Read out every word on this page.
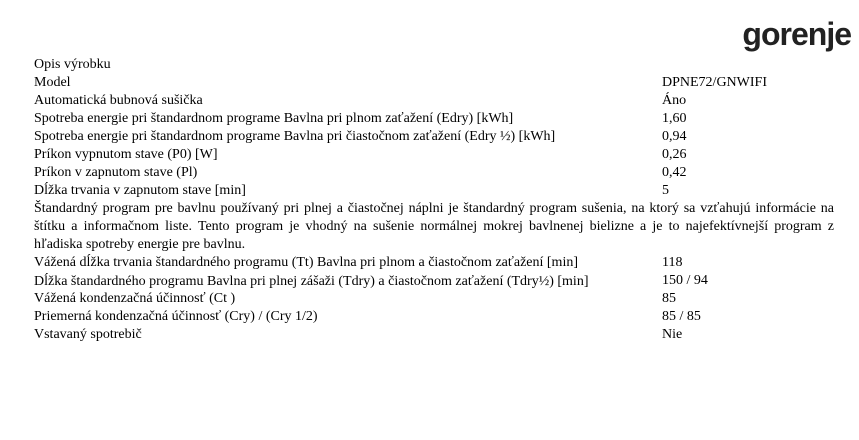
gorenje
Opis výrobku
Model	DPNE72/GNWIFI
Automatická bubnová sušička	Áno
Spotreba energie pri štandardnom programe Bavlna pri plnom zaťažení (Edry) [kWh]	1,60
Spotreba energie pri štandardnom programe Bavlna pri čiastočnom zaťažení (Edry ½) [kWh]	0,94
Príkon vypnutom stave (P0) [W]	0,26
Príkon v zapnutom stave (Pl)	0,42
Dĺžka trvania v zapnutom stave [min]	5
Štandardný program pre bavlnu používaný pri plnej a čiastočnej náplni je štandardný program sušenia, na ktorý sa vzťahujú informácie na štítku a informačnom liste. Tento program je vhodný na sušenie normálnej mokrej bavlnenej bielizne a je to najefektívnejší program z hľadiska spotreby energie pre bavlnu.
Vážená dĺžka trvania štandardného programu (Tt) Bavlna pri plnom a čiastočnom zaťažení [min]	118
Dĺžka štandardného programu Bavlna pri plnej zášaži (Tdry) a čiastočnom zaťažení (Tdry½) [min]	150 / 94
Vážená kondenzačná účinnosť (Ct )	85
Priemerná kondenzačná účinnosť (Cry) / (Cry 1/2)	85 / 85
Vstavaný spotrebič	Nie
